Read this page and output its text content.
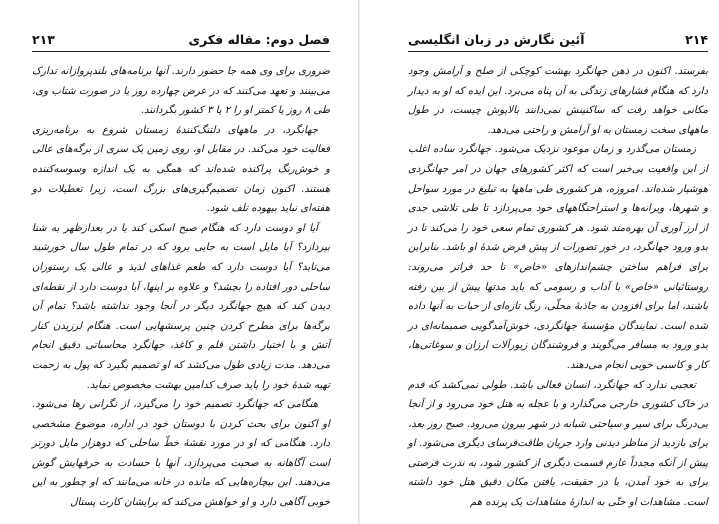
فصل دوم: مقاله فکری
۲۱۳

ضروری برای وی همه جا حضور دارند. آنها برنامه‌های بلندپروازانه تدارک می‌بینند و تعهد می‌کنند که در عرض چهارده روز یا در صورت شتاب وی، طی ۸ روز یا کمتر او را ۲ یا ۳ کشور بگردانند.

جهانگرد، در ماههای دلتنگ‌کنندهٔ زمستان شروع به برنامه‌ریزی فعالیت خود می‌کند. در مقابل او، روی زمین یک سری از برگه‌های عالی و خوش‌رنگ پراکنده شده‌اند که همگی به یک اندازه وسوسه‌کننده هستند. اکنون زمان تصمیم‌گیری‌های بزرگ است، زیرا تعطیلات دو هفته‌ای نباید بیهوده تلف شود.

آیا او دوست دارد که هنگام صبح اسکی کند یا در بعدازظهر به شنا بپردازد؟ آیا مایل است به جایی برود که در تمام طول سال خورشید می‌تابد؟ آیا دوست دارد که طعم غذاهای لذیذ و عالی یک رستوران ساحلی دور افتاده را بچشد؟ و علاوه بر اینها، آیا دوست دارد از نقطه‌ای دیدن کند که هیچ جهانگرد دیگر در آنجا وجود نداشته باشد؟ تمام آن برگه‌ها برای مطرح کردن چنین پرسشهایی است. هنگام لرزیدن کنار آتش و با اختیار داشتن قلم و کاغذ، جهانگرد محاسباتی دقیق انجام می‌دهد. مدت زیادی طول می‌کشد که او تصمیم بگیرد که پول به زحمت تهیه شدهٔ خود را باید صرف کدامین بهشت مخصوص نماید.

هنگامی که جهانگرد تصمیم خود را می‌گیرد، از نگرانی رها می‌شود. او اکنون برای بحث کردن با دوستان خود در اداره، موضوع مشخصی دارد. هنگامی که او در مورد نقشهٔ خطّ ساحلی که دوهزار مایل دورتر است آگاهانه به صحبت می‌پردازد، آنها با حسادت به حرفهایش گوش می‌دهند. این بیچاره‌هایی که مانده در خانه می‌مانند که او چطور به این خوبی آگاهی دارد و او خواهش می‌کند که برایشان کارت پستال

۲۱۴
آئین نگارش در زبان انگلیسی

بفرستد. اکنون در ذهن جهانگرد بهشت کوچکی از صلح و آرامش وجود دارد که هنگام فشارهای زندگی به آن پناه می‌برد. این ایده که او به دیدار مکانی خواهد رفت که ساکنینش نمی‌دانند بالاپوش چیست، در طول ماههای سخت زمستان به او آرامش و راحتی می‌دهد.

زمستان می‌گذرد و زمان موعود نزدیک می‌شود. جهانگرد ساده اغلب از این واقعیت بی‌خبر است که اکثر کشورهای جهان در امر جهانگردی هوشیار شده‌اند. امروزه، هر کشوری طی ماهها به تبلیغ در مورد سواحل و شهرها، ویرانه‌ها و استراحتگاههای خود می‌پردازد تا طی تلاشی جدی از ارز آوری آن بهره‌مند شود. هر کشوری تمام سعی خود را می‌کند تا در بدو ورود جهانگرد، در خور تصورات از پیش فرض شدهٔ او باشد. بنابراین برای فراهم ساختن چشم‌اندازهای «خاص» تا حد فراتر می‌روند: روستائیانی «خاص» با آداب و رسومی که باید مدتها پیش از بین رفته باشند، اما برای افزودن به جاذبهٔ محلّی، رنگ تازه‌ای از حیات به آنها داده شده است. نمایندگان مؤسسهٔ جهانگردی، خوش‌آمدگویی صمیمانه‌ای در بدو ورود به مسافر می‌گویند و فروشندگان زیورآلات ارزان و سوغاتی‌ها، کار و کاسبی خوبی انجام می‌دهند.

تعجبی ندارد که جهانگرد، انسان فعالی باشد. طولی نمی‌کشد که قدم در خاک کشوری خارجی می‌گذارد و با عجله به هتل خود می‌رود و از آنجا بی‌درنگ برای سیر و سیاحتی شبانه در شهر بیرون می‌رود. صبح روز بعد، برای بازدید از مناظر دیدنی وارد جریان طاقت‌فرسای دیگری می‌شود. او پیش از آنکه مجدداً عازم قسمت دیگری از کشور شود، به ندرت فرصتی برای به خود آمدن، با در حقیقت، یافتن مکان دقیق هتل خود داشته است. مشاهدات او حتّی به اندازهٔ مشاهدات یک پرنده هم
